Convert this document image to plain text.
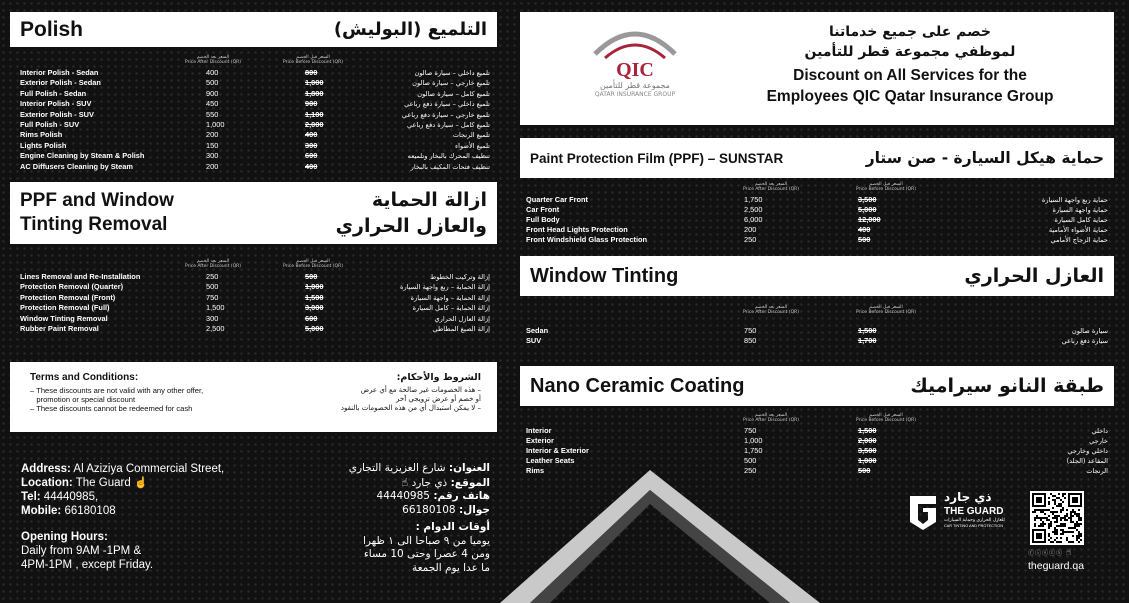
Polish	التلميع (البوليش)
السعر بعد الخصم
Price After Discount (QR)
السعر قبل الخصم
Price Before Discount (QR)
Interior Polish - Sedan	400	800	تلميع داخلي – سيارة صالون
Exterior Polish - Sedan	500	1,000	تلميع خارجي – سيارة صالون
Full Polish - Sedan	900	1,800	تلميع كامل – سيارة صالون
Interior Polish - SUV	450	900	تلميع داخلي – سيارة دفع رباعي
Exterior Polish - SUV	550	1,100	تلميع خارجي – سيارة دفع رباعي
Full Polish - SUV	1,000	2,000	تلميع كامل – سيارة دفع رباعي
Rims Polish	200	400	تلميع الرنجات
Lights Polish	150	300	تلميع الأضواء
Engine Cleaning by Steam & Polish	300	600	تنظيف المحرك بالبخار وتلميعه
AC Diffusers Cleaning by Steam	200	400	تنظيف فتحات المكيف بالبخار
PPF and Window
Tinting Removal
ازالة الحماية
والعازل الحراري
السعر بعد الخصم
Price After Discount (QR)
السعر قبل الخصم
Price Before Discount (QR)
Lines Removal and Re-Installation	250	500	إزالة وتركيب الخطوط
Protection Removal (Quarter)	500	1,000	إزالة الحماية – ربع واجهة السيارة
Protection Removal (Front)	750	1,500	إزالة الحماية – واجهة السيارة
Protection Removal (Full)	1,500	3,000	إزالة الحماية – كامل السيارة
Window Tinting Removal	300	600	إزالة العازل الحراري
Rubber Paint Removal	2,500	5,000	إزالة الصبغ المطاطي
Terms and Conditions:
– These discounts are not valid with any other offer,
promotion or special discount
– These discounts cannot be redeemed for cash
الشروط والأحكام:
– هذه الخصومات غير صالحة مع أي عرض
أو خصم أو عرض ترويجي آخر
– لا يمكن استبدال أي من هذه الخصومات بالنقود
Address: Al Aziziya Commercial Street,
Location: The Guard ☝
Tel: 44440985,
Mobile: 66180108
Opening Hours:
Daily from 9AM -1PM &
4PM-1PM , except Friday.
العنوان: شارع العزيزية التجاري
الموقع: ذي جارد ☝
هاتف رقم: 44440985
جوال: 66180108
أوقات الدوام :
يوميا من ٩ صباحا الى ١ ظهرا
ومن 4 عصرا وحتى 10 مساء
ما عدا يوم الجمعة
QIC
مجموعة قطر للتأمين
QATAR INSURANCE GROUP
خصم على جميع خدماتنا
لموظفي مجموعة قطر للتأمين
Discount on All Services for the
Employees QIC Qatar Insurance Group
Paint Protection Film (PPF) – SUNSTAR	حماية هيكل السيارة - صن ستار
السعر بعد الخصم
Price After Discount (QR)
السعر قبل الخصم
Price Before Discount (QR)
Quarter Car Front	1,750	3,500	حماية ربع واجهة السيارة
Car Front	2,500	5,000	حماية واجهة السيارة
Full Body	6,000	12,000	حماية كامل السيارة
Front Head Lights Protection	200	400	حماية الأضواء الأمامية
Front Windshield Glass Protection	250	500	حماية الزجاج الأمامي
Window Tinting	العازل الحراري
السعر بعد الخصم
Price After Discount (QR)
السعر قبل الخصم
Price Before Discount (QR)
Sedan	750	1,500	سيارة صالون
SUV	850	1,700	سيارة دفع رباعي
Nano Ceramic Coating	طبقة النانو سيراميك
السعر بعد الخصم
Price After Discount (QR)
السعر قبل الخصم
Price Before Discount (QR)
Interior	750	1,500	داخلي
Exterior	1,000	2,000	خارجي
Interior & Exterior	1,750	3,500	داخلي وخارجي
Leather Seats	500	1,000	المقاعد (الجلد)
Rims	250	500	الرنجات
ذي جارد
THE GUARD
للعازل الحراري وحماية السيارات
CAR TINTING AND PROTECTION
ⓕⓘⓢⓣⓧ ☝
theguard.qa
